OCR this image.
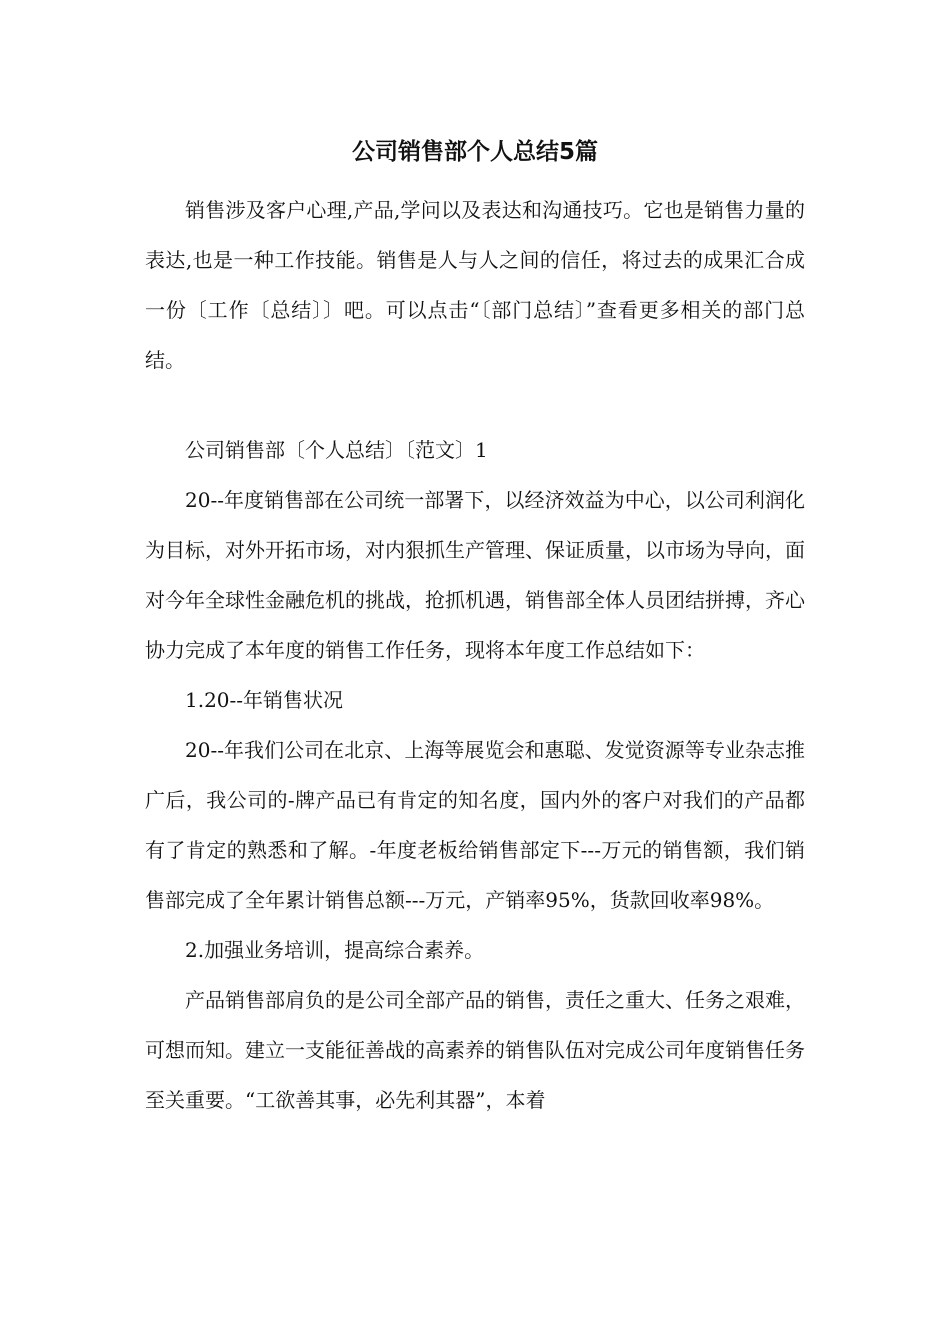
公司销售部个人总结5篇

销售涉及客户心理,产品,学问以及表达和沟通技巧。它也是销售力量的表达,也是一种工作技能。销售是人与人之间的信任，将过去的成果汇合成一份〔工作〔总结〕〕吧。可以点击“〔部门总结〕”查看更多相关的部门总结。

公司销售部〔个人总结〕〔范文〕1

20--年度销售部在公司统一部署下，以经济效益为中心，以公司利润化为目标，对外开拓市场，对内狠抓生产管理、保证质量，以市场为导向，面对今年全球性金融危机的挑战，抢抓机遇，销售部全体人员团结拼搏，齐心协力完成了本年度的销售工作任务，现将本年度工作总结如下：

1.20--年销售状况

20--年我们公司在北京、上海等展览会和惠聪、发觉资源等专业杂志推广后，我公司的-牌产品已有肯定的知名度，国内外的客户对我们的产品都有了肯定的熟悉和了解。-年度老板给销售部定下---万元的销售额，我们销售部完成了全年累计销售总额---万元，产销率95%，货款回收率98%。

2.加强业务培训，提高综合素养。

产品销售部肩负的是公司全部产品的销售，责任之重大、任务之艰难，可想而知。建立一支能征善战的高素养的销售队伍对完成公司年度销售任务至关重要。“工欲善其事，必先利其器”，本着
